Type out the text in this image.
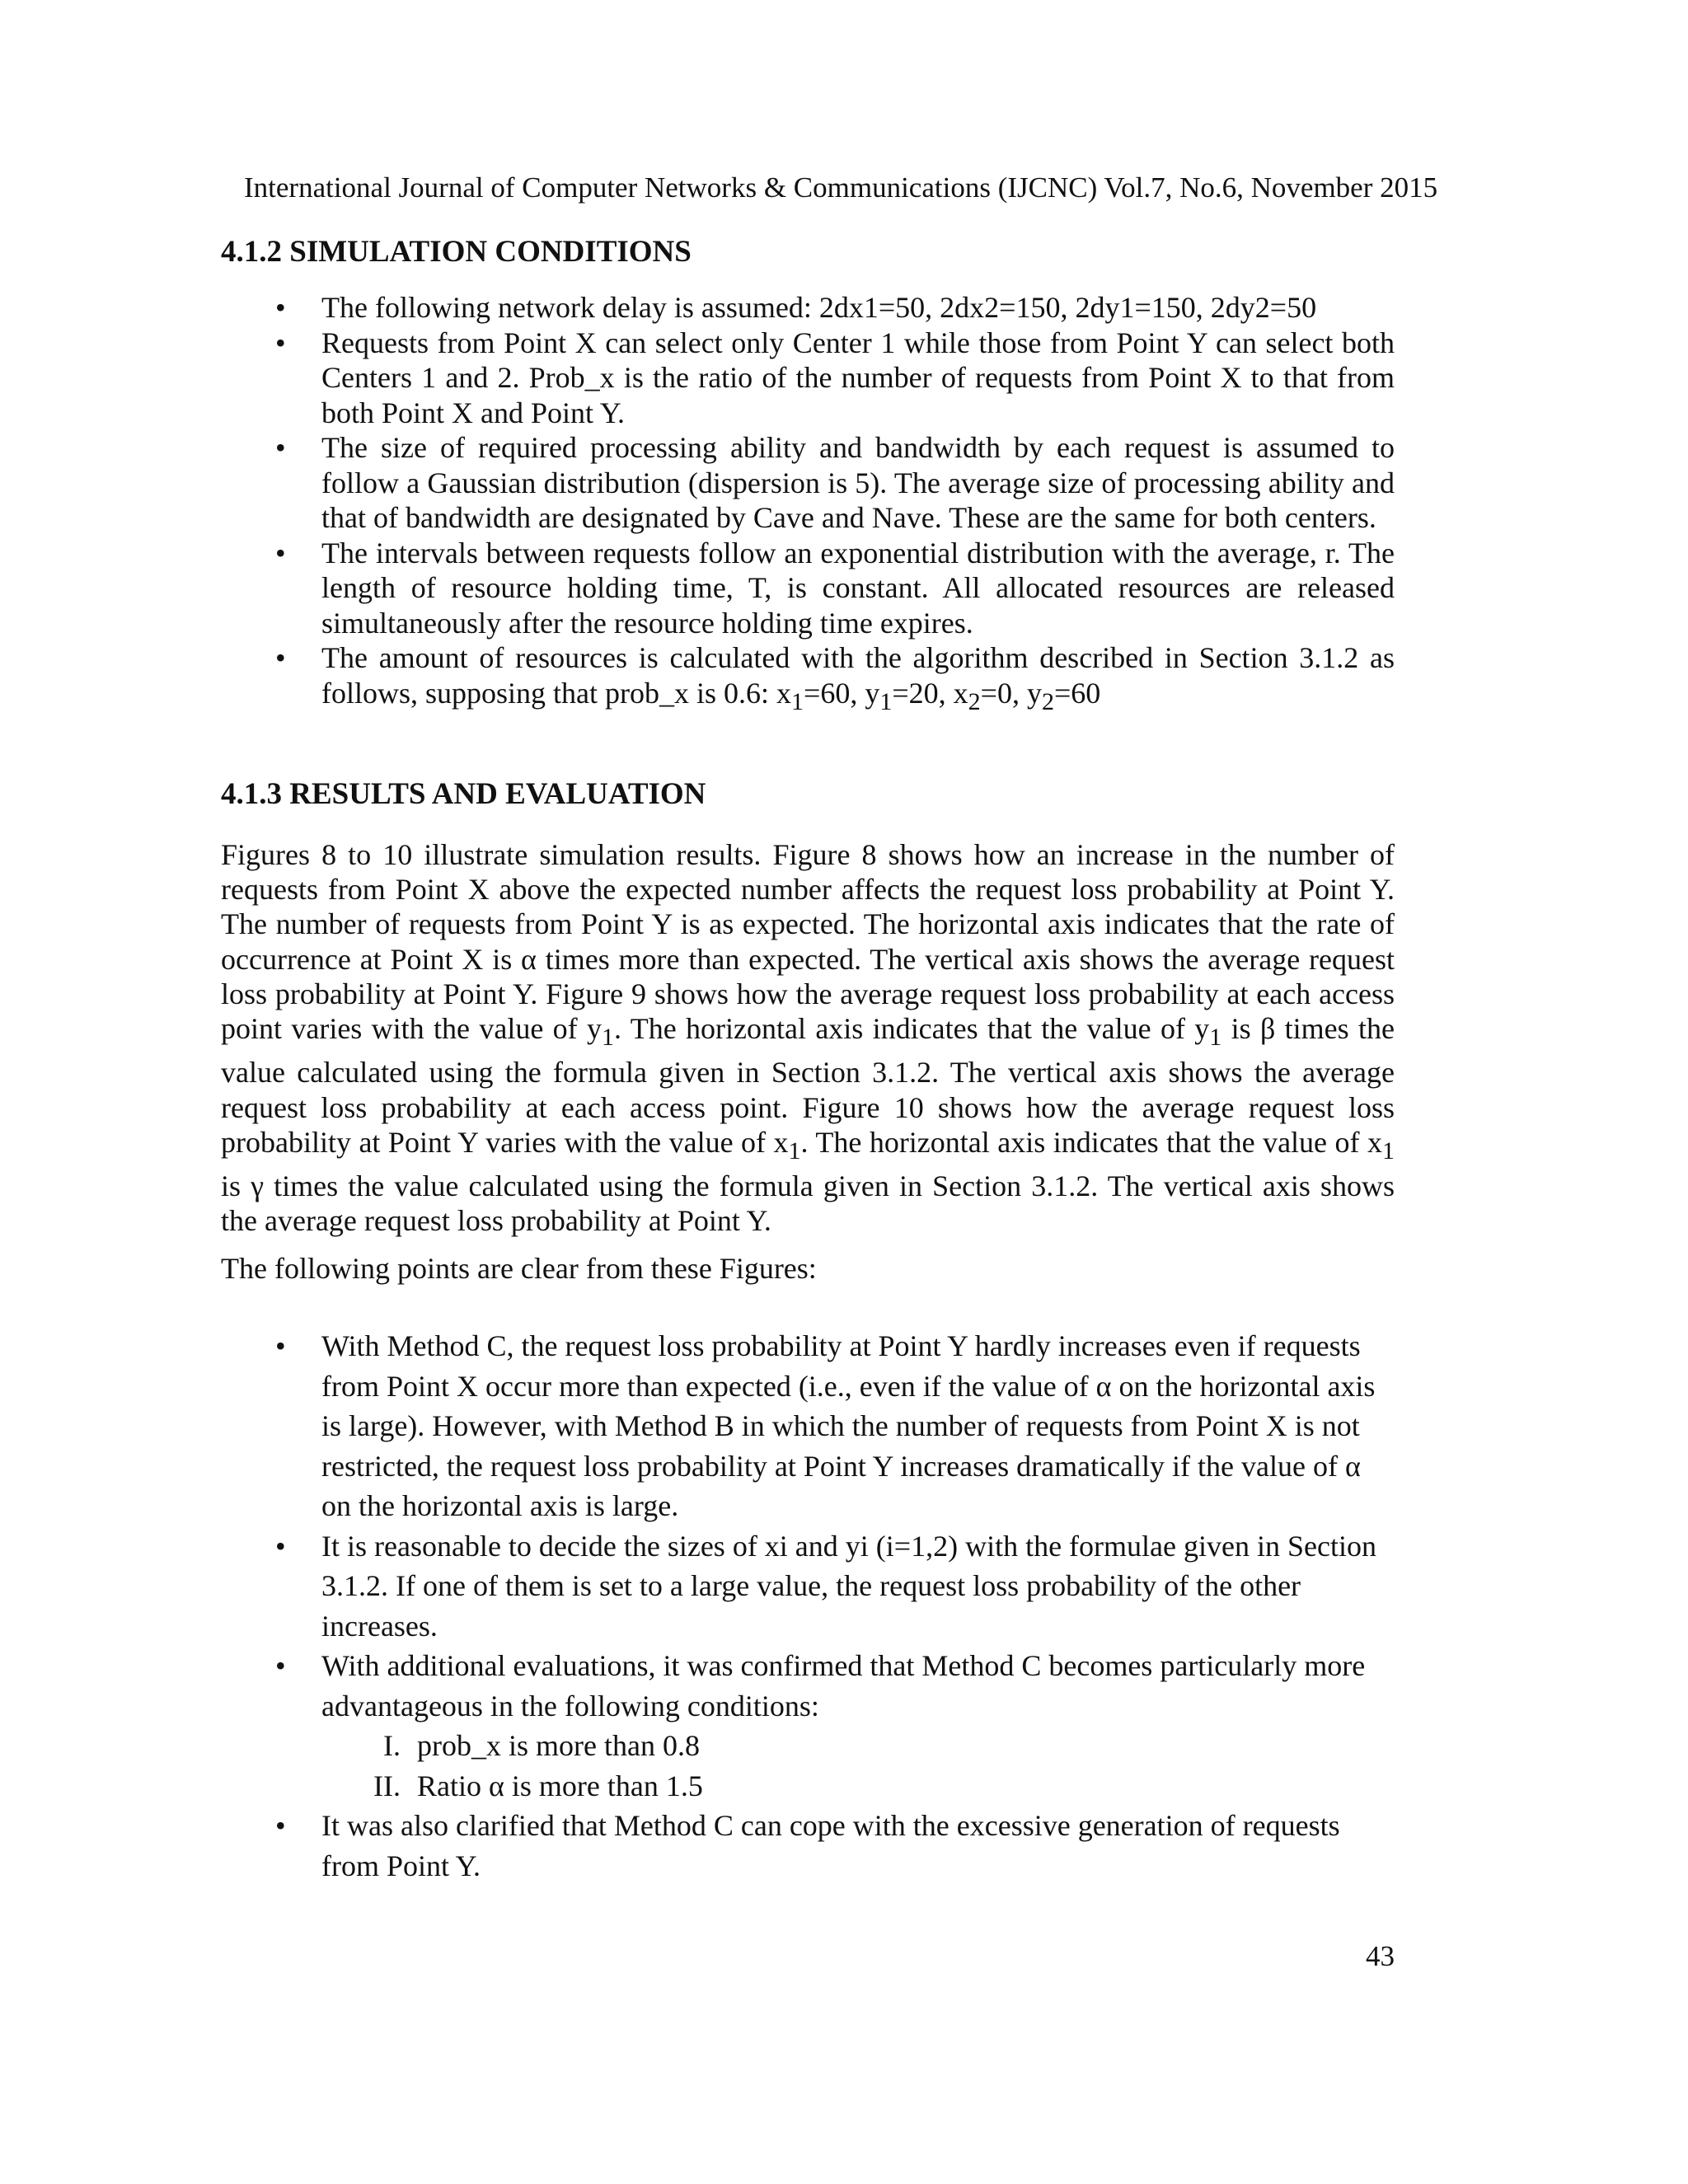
International Journal of Computer Networks & Communications (IJCNC) Vol.7, No.6, November 2015
4.1.2 SIMULATION CONDITIONS
• The following network delay is assumed: 2dx1=50, 2dx2=150, 2dy1=150, 2dy2=50
• Requests from Point X can select only Center 1 while those from Point Y can select both Centers 1 and 2. Prob_x is the ratio of the number of requests from Point X to that from both Point X and Point Y.
• The size of required processing ability and bandwidth by each request is assumed to follow a Gaussian distribution (dispersion is 5). The average size of processing ability and that of bandwidth are designated by Cave and Nave. These are the same for both centers.
• The intervals between requests follow an exponential distribution with the average, r. The length of resource holding time, T, is constant. All allocated resources are released simultaneously after the resource holding time expires.
• The amount of resources is calculated with the algorithm described in Section 3.1.2 as follows, supposing that prob_x is 0.6: $x_1=60$, $y_1=20$, $x_2=0$, $y_2=60$
4.1.3 RESULTS AND EVALUATION

Figures 8 to 10 illustrate simulation results. Figure 8 shows how an increase in the number of requests from Point X above the expected number affects the request loss probability at Point Y. The number of requests from Point Y is as expected. The horizontal axis indicates that the rate of occurrence at Point X is α times more than expected. The vertical axis shows the average request loss probability at Point Y. Figure 9 shows how the average request loss probability at each access point varies with the value of $y_1$. The horizontal axis indicates that the value of $y_1$ is β times the value calculated using the formula given in Section 3.1.2. The vertical axis shows the average request loss probability at each access point. Figure 10 shows how the average request loss probability at Point Y varies with the value of $x_1$. The horizontal axis indicates that the value of $x_1$ is γ times the value calculated using the formula given in Section 3.1.2. The vertical axis shows the average request loss probability at Point Y.

The following points are clear from these Figures:

• With Method C, the request loss probability at Point Y hardly increases even if requests from Point X occur more than expected (i.e., even if the value of α on the horizontal axis is large). However, with Method B in which the number of requests from Point X is not restricted, the request loss probability at Point Y increases dramatically if the value of α on the horizontal axis is large.
• It is reasonable to decide the sizes of xi and yi (i=1,2) with the formulae given in Section 3.1.2. If one of them is set to a large value, the request loss probability of the other increases.
• With additional evaluations, it was confirmed that Method C becomes particularly more advantageous in the following conditions:
I. prob_x is more than 0.8
II. Ratio α is more than 1.5
• It was also clarified that Method C can cope with the excessive generation of requests from Point Y.
43
